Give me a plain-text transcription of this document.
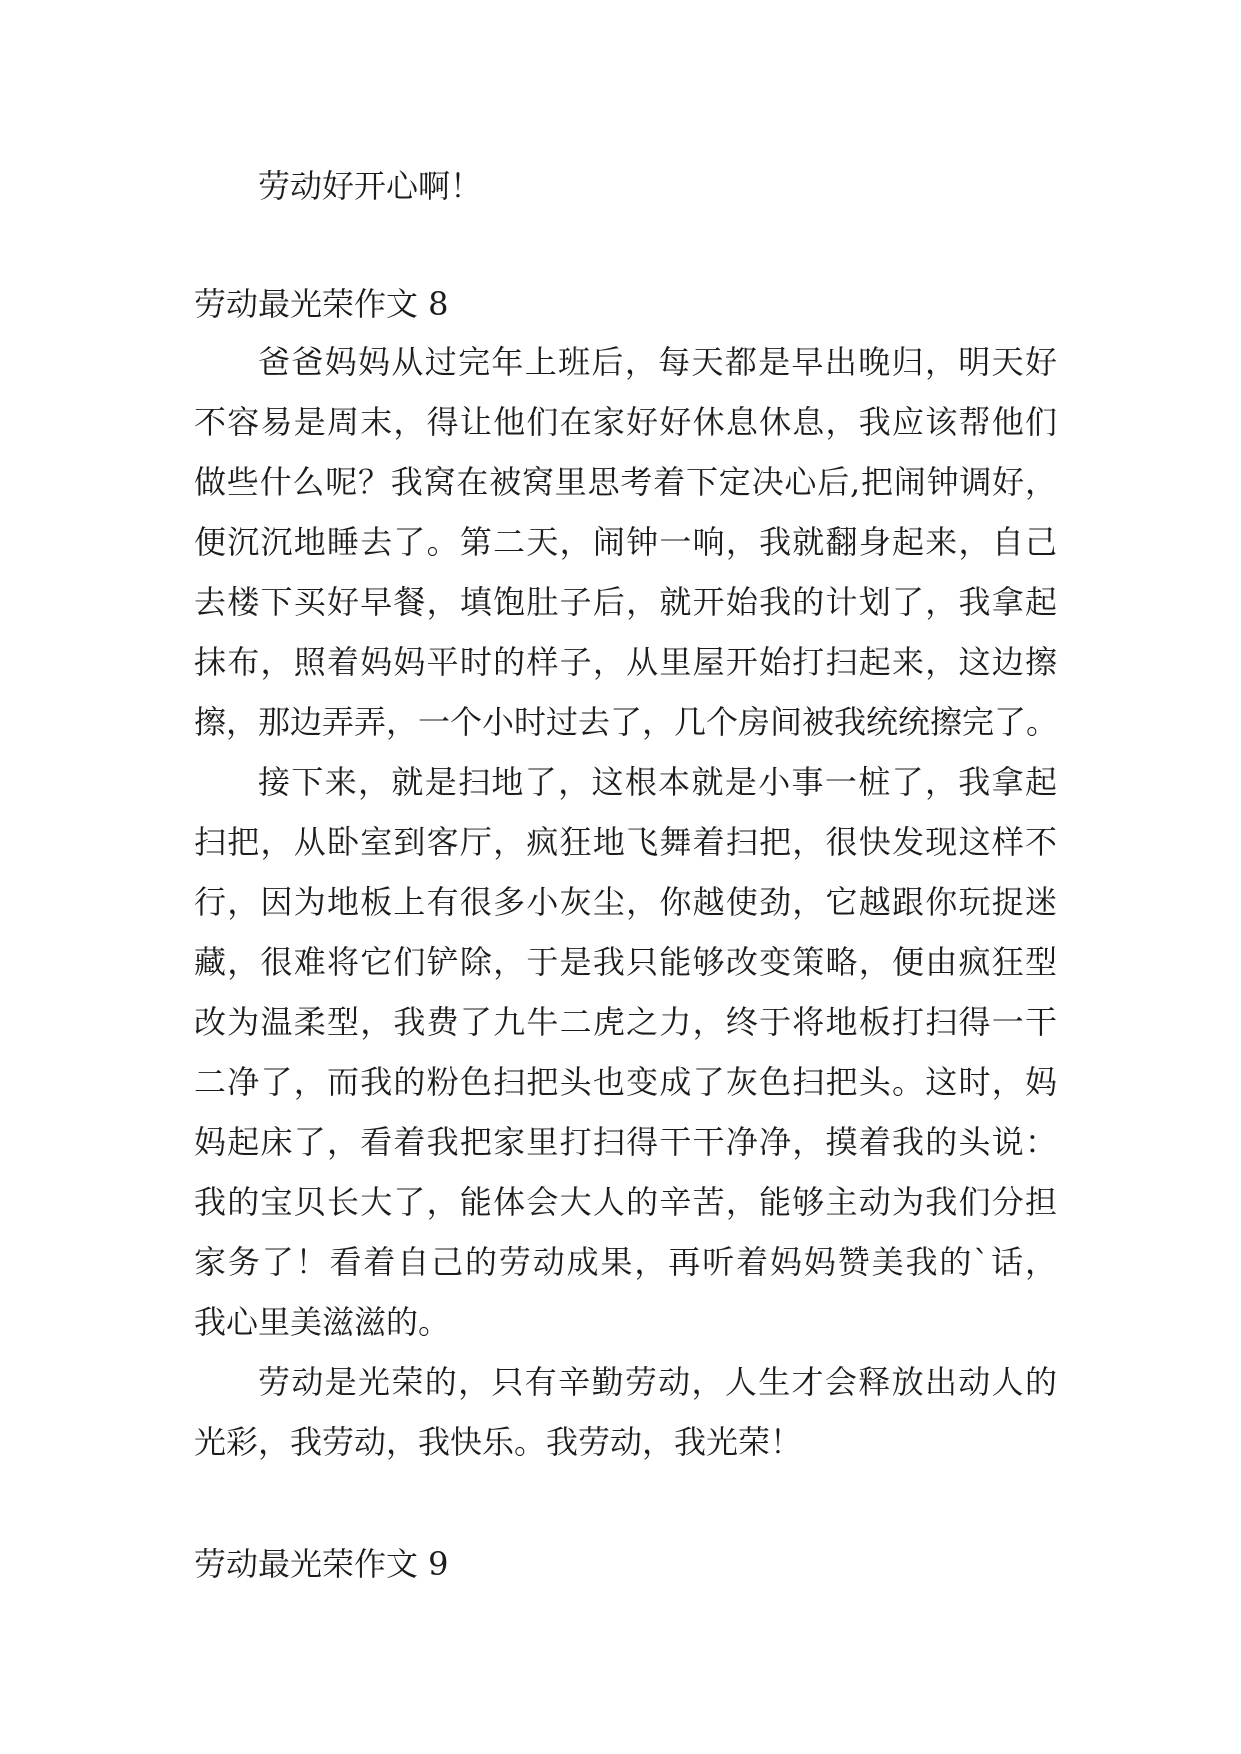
劳动好开心啊！
劳动最光荣作文 8
爸爸妈妈从过完年上班后，每天都是早出晚归，明天好
不容易是周末，得让他们在家好好休息休息，我应该帮他们
做些什么呢？我窝在被窝里思考着下定决心后,把闹钟调好，
便沉沉地睡去了。第二天，闹钟一响，我就翻身起来，自己
去楼下买好早餐，填饱肚子后，就开始我的计划了，我拿起
抹布，照着妈妈平时的样子，从里屋开始打扫起来，这边擦
擦，那边弄弄，一个小时过去了，几个房间被我统统擦完了。
接下来，就是扫地了，这根本就是小事一桩了，我拿起
扫把，从卧室到客厅，疯狂地飞舞着扫把，很快发现这样不
行，因为地板上有很多小灰尘，你越使劲，它越跟你玩捉迷
藏，很难将它们铲除，于是我只能够改变策略，便由疯狂型
改为温柔型，我费了九牛二虎之力，终于将地板打扫得一干
二净了，而我的粉色扫把头也变成了灰色扫把头。这时，妈
妈起床了，看着我把家里打扫得干干净净，摸着我的头说：
我的宝贝长大了，能体会大人的辛苦，能够主动为我们分担
家务了！看着自己的劳动成果，再听着妈妈赞美我的`话，
我心里美滋滋的。
劳动是光荣的，只有辛勤劳动，人生才会释放出动人的
光彩，我劳动，我快乐。我劳动，我光荣！
劳动最光荣作文 9
